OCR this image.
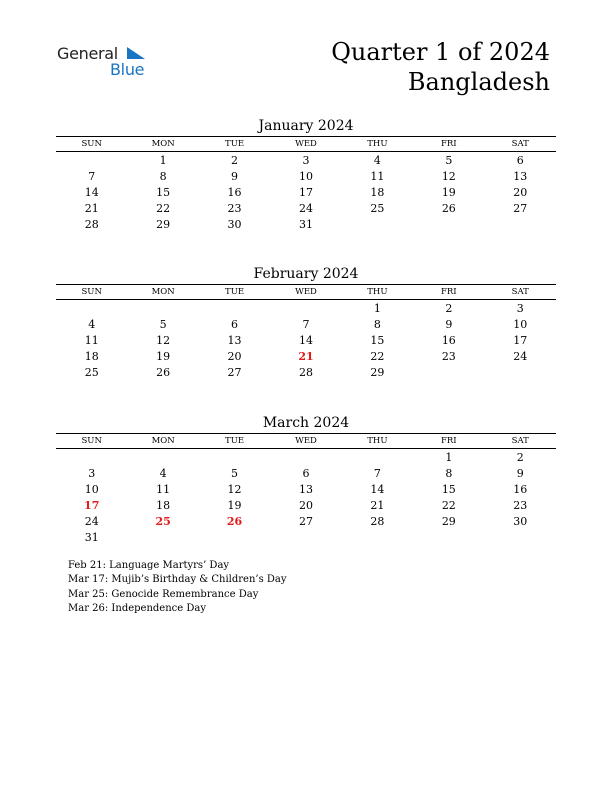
General
Blue
Quarter 1 of 2024
Bangladesh
January 2024
SUN	MON	TUE	WED	THU	FRI	SAT
	1	2	3	4	5	6
7	8	9	10	11	12	13
14	15	16	17	18	19	20
21	22	23	24	25	26	27
28	29	30	31			
February 2024
SUN	MON	TUE	WED	THU	FRI	SAT
				1	2	3
4	5	6	7	8	9	10
11	12	13	14	15	16	17
18	19	20	21	22	23	24
25	26	27	28	29		
March 2024
SUN	MON	TUE	WED	THU	FRI	SAT
					1	2
3	4	5	6	7	8	9
10	11	12	13	14	15	16
17	18	19	20	21	22	23
24	25	26	27	28	29	30
31						
Feb 21: Language Martyrs’ Day
Mar 17: Mujib’s Birthday & Children’s Day
Mar 25: Genocide Remembrance Day
Mar 26: Independence Day
